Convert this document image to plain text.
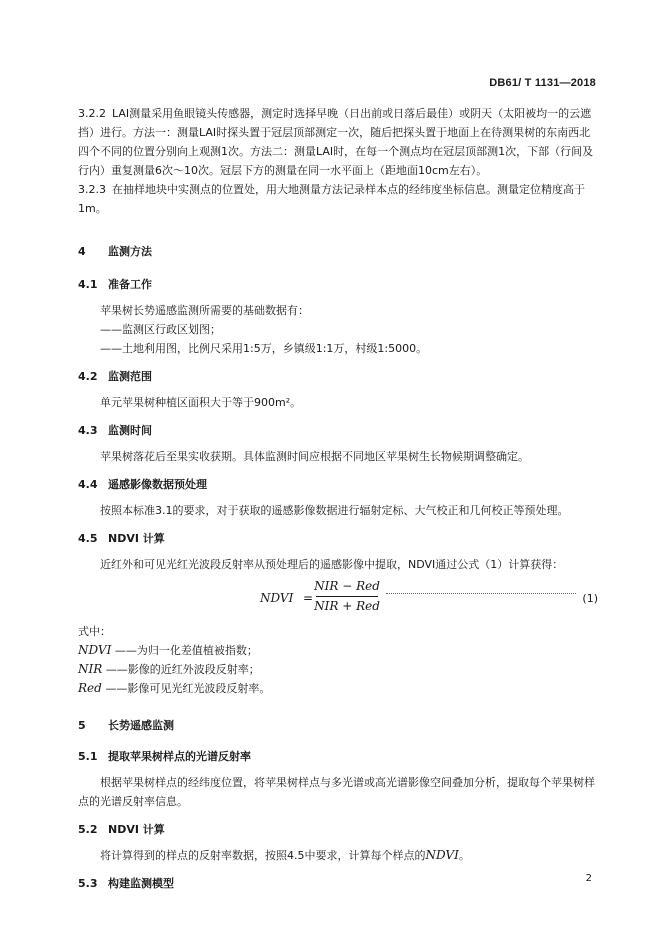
DB61/ T 1131—2018

3.2.2 LAI测量采用鱼眼镜头传感器，测定时选择早晚（日出前或日落后最佳）或阴天（太阳被均一的云遮挡）进行。方法一：测量LAI时探头置于冠层顶部测定一次，随后把探头置于地面上在待测果树的东南西北四个不同的位置分别向上观测1次。方法二：测量LAI时，在每一个测点均在冠层顶部测1次，下部（行间及行内）重复测量6次～10次。冠层下方的测量在同一水平面上（距地面10cm左右）。

3.2.3 在抽样地块中实测点的位置处，用大地测量方法记录样本点的经纬度坐标信息。测量定位精度高于1m。

4 监测方法
4.1 准备工作

苹果树长势遥感监测所需要的基础数据有：

——监测区行政区划图；

——土地利用图，比例尺采用1:5万，乡镇级1:1万，村级1:5000。

4.2 监测范围

单元苹果树种植区面积大于等于900m²。

4.3 监测时间

苹果树落花后至果实收获期。具体监测时间应根据不同地区苹果树生长物候期调整确定。

4.4 遥感影像数据预处理

按照本标准3.1的要求，对于获取的遥感影像数据进行辐射定标、大气校正和几何校正等预处理。

4.5 NDVI 计算

近红外和可见光红光波段反射率从预处理后的遥感影像中提取，NDVI通过公式（1）计算获得：

NDVI =
NIR − Red
NIR + Red
(1)

式中：

NDVI ——为归一化差值植被指数；

NIR ——影像的近红外波段反射率；

Red ——影像可见光红光波段反射率。

5 长势遥感监测
5.1 提取苹果树样点的光谱反射率

根据苹果树样点的经纬度位置，将苹果树样点与多光谱或高光谱影像空间叠加分析，提取每个苹果树样点的光谱反射率信息。

5.2 NDVI 计算

将计算得到的样点的反射率数据，按照4.5中要求，计算每个样点的NDVI。

5.3 构建监测模型	2
